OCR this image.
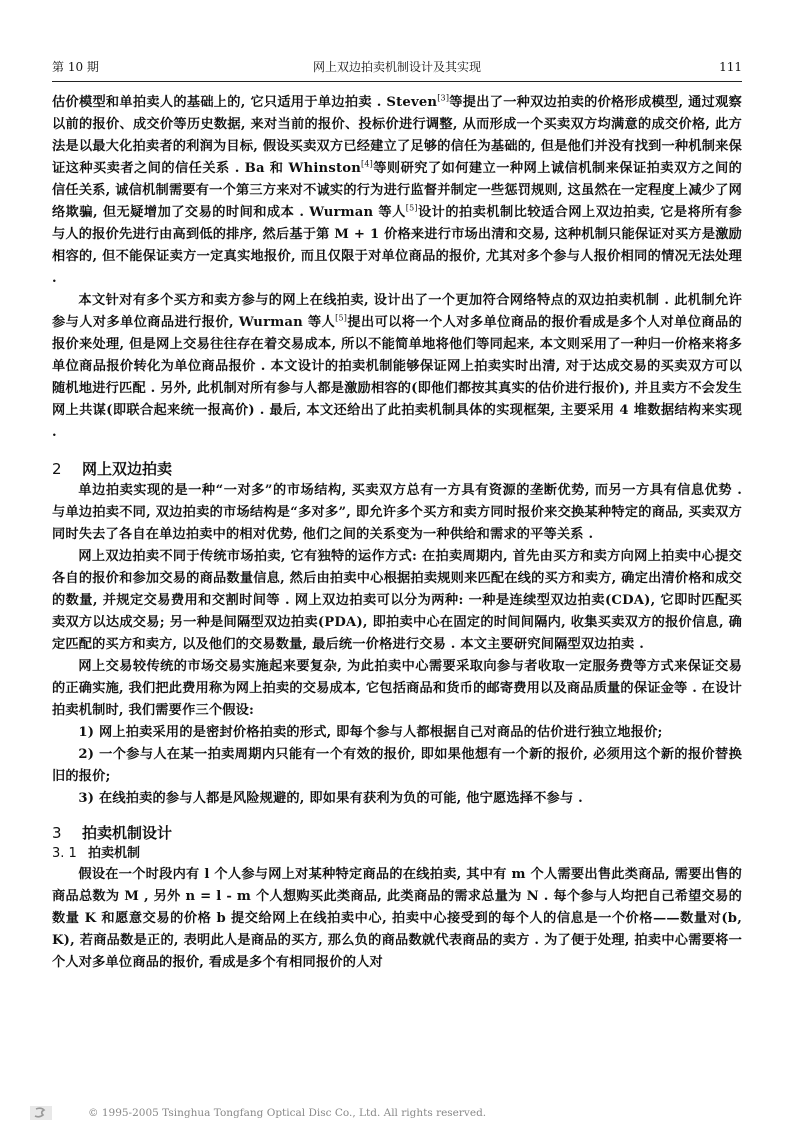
第 10 期	网上双边拍卖机制设计及其实现	111

估价模型和单拍卖人的基础上的, 它只适用于单边拍卖 . Steven[3]等提出了一种双边拍卖的价格形成模型, 通过观察以前的报价、成交价等历史数据, 来对当前的报价、投标价进行调整, 从而形成一个买卖双方均满意的成交价格, 此方法是以最大化拍卖者的利润为目标, 假设买卖双方已经建立了足够的信任为基础的, 但是他们并没有找到一种机制来保证这种买卖者之间的信任关系 . Ba 和 Whinston[4]等则研究了如何建立一种网上诚信机制来保证拍卖双方之间的信任关系, 诚信机制需要有一个第三方来对不诚实的行为进行监督并制定一些惩罚规则, 这虽然在一定程度上减少了网络欺骗, 但无疑增加了交易的时间和成本 . Wurman 等人[5]设计的拍卖机制比较适合网上双边拍卖, 它是将所有参与人的报价先进行由高到低的排序, 然后基于第 M + 1 价格来进行市场出清和交易, 这种机制只能保证对买方是激励相容的, 但不能保证卖方一定真实地报价, 而且仅限于对单位商品的报价, 尤其对多个参与人报价相同的情况无法处理 .

本文针对有多个买方和卖方参与的网上在线拍卖, 设计出了一个更加符合网络特点的双边拍卖机制 . 此机制允许参与人对多单位商品进行报价, Wurman 等人[5]提出可以将一个人对多单位商品的报价看成是多个人对单位商品的报价来处理, 但是网上交易往往存在着交易成本, 所以不能简单地将他们等同起来, 本文则采用了一种归一价格来将多单位商品报价转化为单位商品报价 . 本文设计的拍卖机制能够保证网上拍卖实时出清, 对于达成交易的买卖双方可以随机地进行匹配 . 另外, 此机制对所有参与人都是激励相容的(即他们都按其真实的估价进行报价), 并且卖方不会发生网上共谋(即联合起来统一报高价) . 最后, 本文还给出了此拍卖机制具体的实现框架, 主要采用 4 堆数据结构来实现 .

2 网上双边拍卖

单边拍卖实现的是一种“一对多”的市场结构, 买卖双方总有一方具有资源的垄断优势, 而另一方具有信息优势 . 与单边拍卖不同, 双边拍卖的市场结构是“多对多”, 即允许多个买方和卖方同时报价来交换某种特定的商品, 买卖双方同时失去了各自在单边拍卖中的相对优势, 他们之间的关系变为一种供给和需求的平等关系 .

网上双边拍卖不同于传统市场拍卖, 它有独特的运作方式: 在拍卖周期内, 首先由买方和卖方向网上拍卖中心提交各自的报价和参加交易的商品数量信息, 然后由拍卖中心根据拍卖规则来匹配在线的买方和卖方, 确定出清价格和成交的数量, 并规定交易费用和交割时间等 . 网上双边拍卖可以分为两种: 一种是连续型双边拍卖(CDA), 它即时匹配买卖双方以达成交易; 另一种是间隔型双边拍卖(PDA), 即拍卖中心在固定的时间间隔内, 收集买卖双方的报价信息, 确定匹配的买方和卖方, 以及他们的交易数量, 最后统一价格进行交易 . 本文主要研究间隔型双边拍卖 .

网上交易较传统的市场交易实施起来要复杂, 为此拍卖中心需要采取向参与者收取一定服务费等方式来保证交易的正确实施, 我们把此费用称为网上拍卖的交易成本, 它包括商品和货币的邮寄费用以及商品质量的保证金等 . 在设计拍卖机制时, 我们需要作三个假设:

1) 网上拍卖采用的是密封价格拍卖的形式, 即每个参与人都根据自己对商品的估价进行独立地报价;

2) 一个参与人在某一拍卖周期内只能有一个有效的报价, 即如果他想有一个新的报价, 必须用这个新的报价替换旧的报价;

3) 在线拍卖的参与人都是风险规避的, 即如果有获利为负的可能, 他宁愿选择不参与 .

3 拍卖机制设计
3. 1 拍卖机制

假设在一个时段内有 l 个人参与网上对某种特定商品的在线拍卖, 其中有 m 个人需要出售此类商品, 需要出售的商品总数为 M , 另外 n = l - m 个人想购买此类商品, 此类商品的需求总量为 N . 每个参与人均把自己希望交易的数量 K 和愿意交易的价格 b 提交给网上在线拍卖中心, 拍卖中心接受到的每个人的信息是一个价格——数量对(b, K), 若商品数是正的, 表明此人是商品的买方, 那么负的商品数就代表商品的卖方 . 为了便于处理, 拍卖中心需要将一个人对多单位商品的报价, 看成是多个有相同报价的人对

© 1995-2005 Tsinghua Tongfang Optical Disc Co., Ltd. All rights reserved.
